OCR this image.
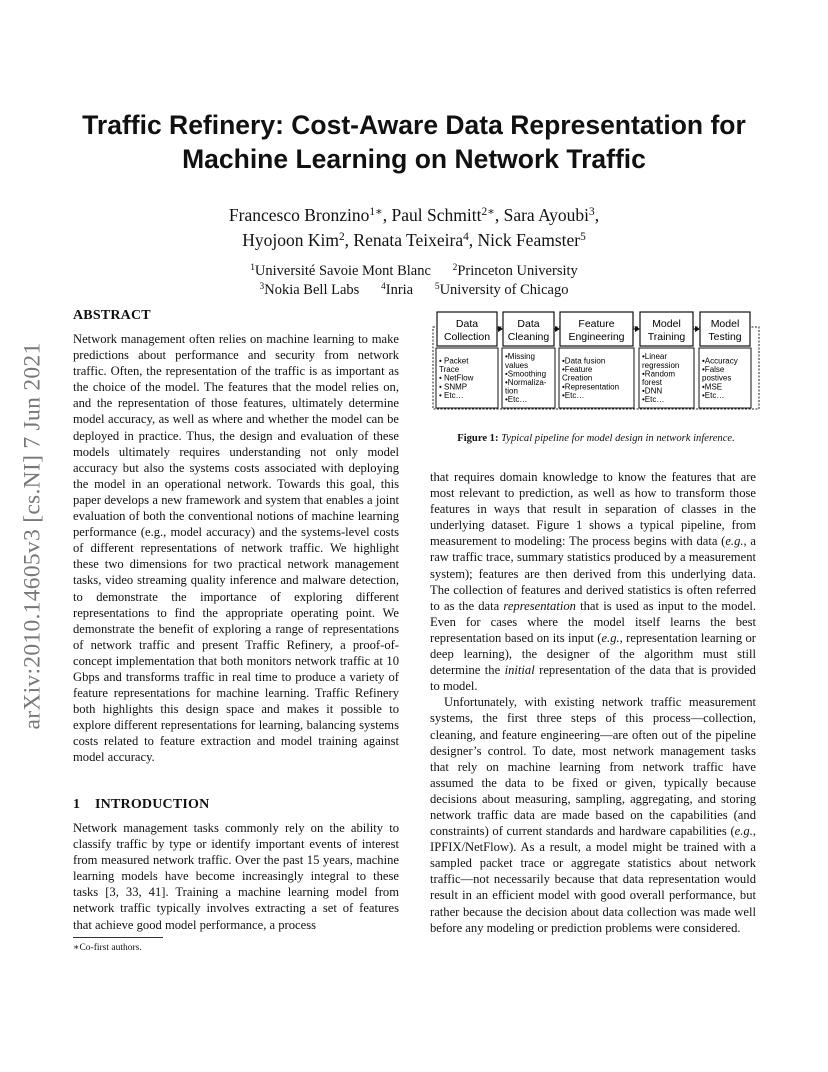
arXiv:2010.14605v3 [cs.NI] 7 Jun 2021
Traffic Refinery: Cost-Aware Data Representation for
Machine Learning on Network Traffic
Francesco Bronzino$^{1∗}$, Paul Schmitt$^{2∗}$, Sara Ayoubi$^3$,
Hyojoon Kim$^2$, Renata Teixeira$^4$, Nick Feamster$^5$
$^1$Université Savoie Mont Blanc $^2$Princeton University
$^3$Nokia Bell Labs $^4$Inria $^5$University of Chicago
ABSTRACT

Network management often relies on machine learning to make predictions about performance and security from network traffic. Often, the representation of the traffic is as important as the choice of the model. The features that the model relies on, and the representation of those features, ultimately determine model accuracy, as well as where and whether the model can be deployed in practice. Thus, the design and evaluation of these models ultimately requires understanding not only model accuracy but also the systems costs associated with deploying the model in an operational network. Towards this goal, this paper develops a new framework and system that enables a joint evaluation of both the conventional notions of machine learning performance (e.g., model accuracy) and the systems-level costs of different representations of network traffic. We highlight these two dimensions for two practical network management tasks, video streaming quality inference and malware detection, to demonstrate the importance of exploring different representations to find the appropriate operating point. We demonstrate the benefit of exploring a range of representations of network traffic and present Traffic Refinery, a proof-of-concept implementation that both monitors network traffic at 10 Gbps and transforms traffic in real time to produce a variety of feature representations for machine learning. Traffic Refinery both highlights this design space and makes it possible to explore different representations for learning, balancing systems costs related to feature extraction and model training against model accuracy.

1 INTRODUCTION

Network management tasks commonly rely on the ability to classify traffic by type or identify important events of interest from measured network traffic. Over the past 15 years, machine learning models have become increasingly integral to these tasks [3, 33, 41]. Training a machine learning model from network traffic typically involves extracting a set of features that achieve good model performance, a process

∗Co-first authors.
Data
Collection
• Packet
Trace
• NetFlow
• SNMP
• Etc…
Data
Cleaning
•Missing
values
•Smoothing
•Normaliza-
tion
•Etc…
Feature
Engineering
•Data fusion
•Feature
Creation
•Representation
•Etc…
Model
Training
•Linear
regression
•Random
forest
•DNN
•Etc…
Model
Testing
•Accuracy
•False
postives
•MSE
•Etc…
Figure 1: Typical pipeline for model design in network inference.

that requires domain knowledge to know the features that are most relevant to prediction, as well as how to transform those features in ways that result in separation of classes in the underlying dataset. Figure 1 shows a typical pipeline, from measurement to modeling: The process begins with data (e.g., a raw traffic trace, summary statistics produced by a measurement system); features are then derived from this underlying data. The collection of features and derived statistics is often referred to as the data representation that is used as input to the model. Even for cases where the model itself learns the best representation based on its input (e.g., representation learning or deep learning), the designer of the algorithm must still determine the initial representation of the data that is provided to model.

Unfortunately, with existing network traffic measurement systems, the first three steps of this process—collection, cleaning, and feature engineering—are often out of the pipeline designer’s control. To date, most network management tasks that rely on machine learning from network traffic have assumed the data to be fixed or given, typically because decisions about measuring, sampling, aggregating, and storing network traffic data are made based on the capabilities (and constraints) of current standards and hardware capabilities (e.g., IPFIX/NetFlow). As a result, a model might be trained with a sampled packet trace or aggregate statistics about network traffic—not necessarily because that data representation would result in an efficient model with good overall performance, but rather because the decision about data collection was made well before any modeling or prediction problems were considered.
